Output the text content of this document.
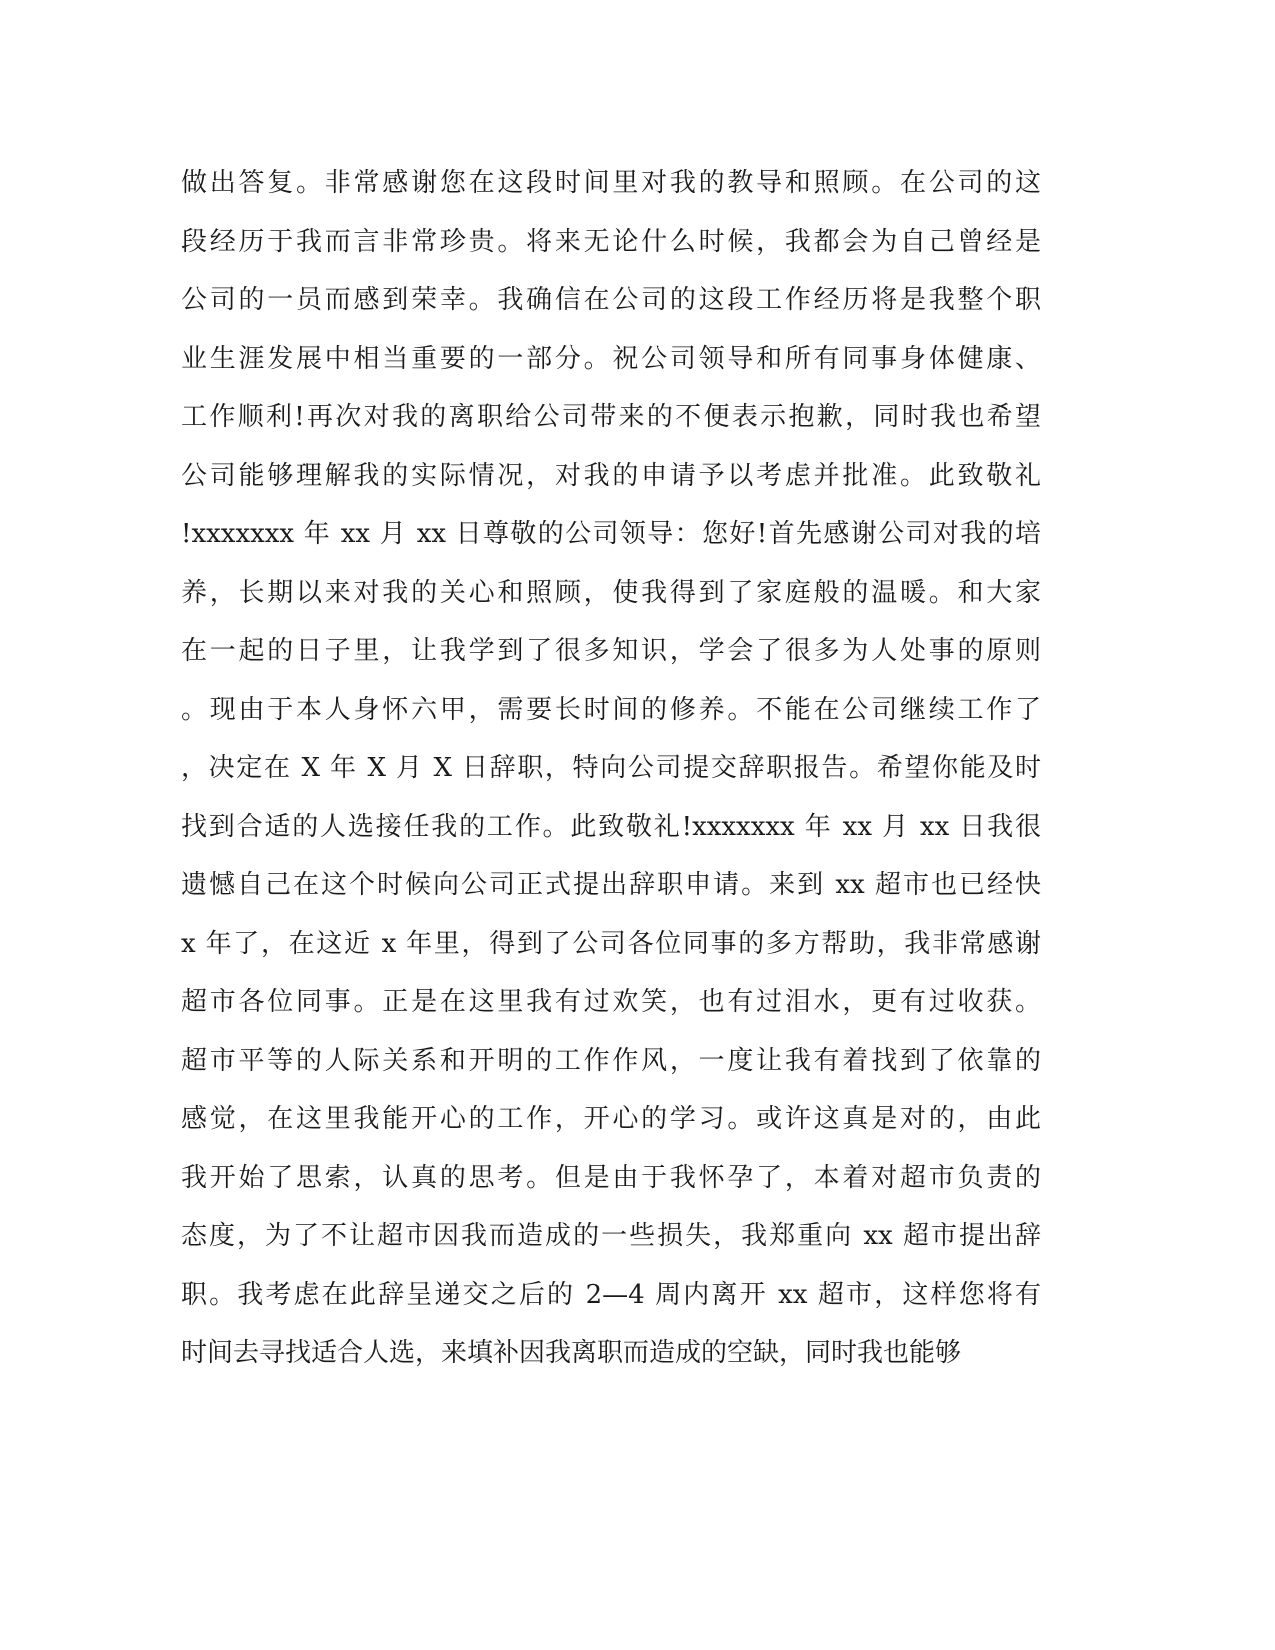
做出答复。非常感谢您在这段时间里对我的教导和照顾。在公司的这
段经历于我而言非常珍贵。将来无论什么时候，我都会为自己曾经是
公司的一员而感到荣幸。我确信在公司的这段工作经历将是我整个职
业生涯发展中相当重要的一部分。祝公司领导和所有同事身体健康、
工作顺利!再次对我的离职给公司带来的不便表示抱歉，同时我也希望
公司能够理解我的实际情况，对我的申请予以考虑并批准。此致敬礼
!xxxxxxx 年 xx 月 xx 日尊敬的公司领导：您好!首先感谢公司对我的培
养，长期以来对我的关心和照顾，使我得到了家庭般的温暖。和大家
在一起的日子里，让我学到了很多知识，学会了很多为人处事的原则
。现由于本人身怀六甲，需要长时间的修养。不能在公司继续工作了
，决定在 X 年 X 月 X 日辞职，特向公司提交辞职报告。希望你能及时
找到合适的人选接任我的工作。此致敬礼!xxxxxxx 年 xx 月 xx 日我很
遗憾自己在这个时候向公司正式提出辞职申请。来到 xx 超市也已经快
x 年了，在这近 x 年里，得到了公司各位同事的多方帮助，我非常感谢
超市各位同事。正是在这里我有过欢笑，也有过泪水，更有过收获。
超市平等的人际关系和开明的工作作风，一度让我有着找到了依靠的
感觉，在这里我能开心的工作，开心的学习。或许这真是对的，由此
我开始了思索，认真的思考。但是由于我怀孕了，本着对超市负责的
态度，为了不让超市因我而造成的一些损失，我郑重向 xx 超市提出辞
职。我考虑在此辞呈递交之后的 2—4 周内离开 xx 超市，这样您将有
时间去寻找适合人选，来填补因我离职而造成的空缺，同时我也能够
